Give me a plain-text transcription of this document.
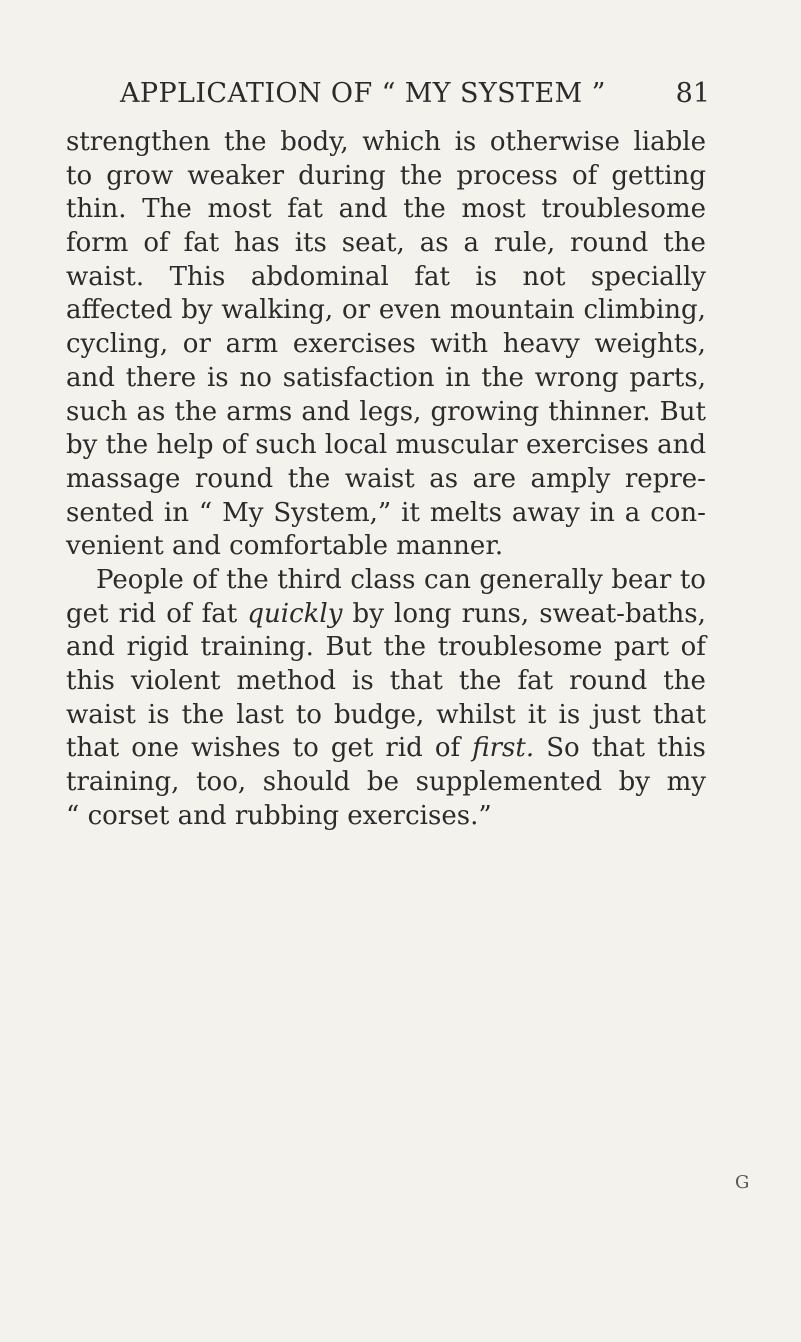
APPLICATION OF “ MY SYSTEM ”	81
strengthen the body, which is otherwise liable
to grow weaker during the process of getting
thin. The most fat and the most troublesome
form of fat has its seat, as a rule, round the
waist. This abdominal fat is not specially
affected by walking, or even mountain climbing,
cycling, or arm exercises with heavy weights,
and there is no satisfaction in the wrong parts,
such as the arms and legs, growing thinner. But
by the help of such local muscular exercises and
massage round the waist as are amply repre-
sented in “ My System,” it melts away in a con-
venient
and
comfortable
manner.
People of the third class can generally bear to
get rid of fat quickly by long runs, sweat-baths,
and rigid training. But the troublesome part of
this violent method is that the fat round the
waist is the last to budge, whilst it is just that
that one wishes to get rid of first. So that this
training, too, should be supplemented by my
“
corset
and
rubbing
exercises.”
G
